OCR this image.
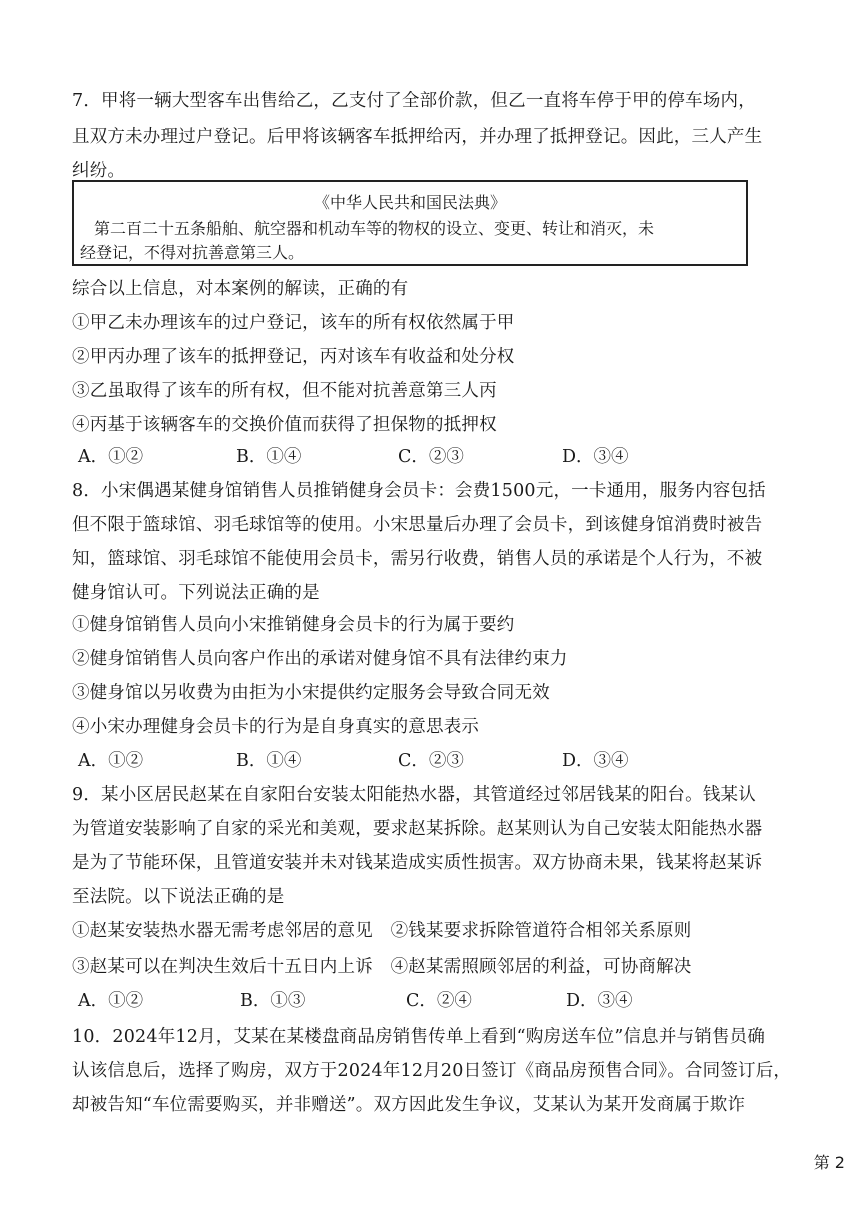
7．甲将一辆大型客车出售给乙，乙支付了全部价款，但乙一直将车停于甲的停车场内，
且双方未办理过户登记。后甲将该辆客车抵押给丙，并办理了抵押登记。因此，三人产生
纠纷。
《中华人民共和国民法典》
第二百二十五条船舶、航空器和机动车等的物权的设立、变更、转让和消灭，未
经登记，不得对抗善意第三人。
综合以上信息，对本案例的解读，正确的有
①甲乙未办理该车的过户登记，该车的所有权依然属于甲
②甲丙办理了该车的抵押登记，丙对该车有收益和处分权
③乙虽取得了该车的所有权，但不能对抗善意第三人丙
④丙基于该辆客车的交换价值而获得了担保物的抵押权
A．①②	B．①④	C．②③	D．③④
8．小宋偶遇某健身馆销售人员推销健身会员卡：会费1500元，一卡通用，服务内容包括
但不限于篮球馆、羽毛球馆等的使用。小宋思量后办理了会员卡，到该健身馆消费时被告
知，篮球馆、羽毛球馆不能使用会员卡，需另行收费，销售人员的承诺是个人行为，不被
健身馆认可。下列说法正确的是
①健身馆销售人员向小宋推销健身会员卡的行为属于要约
②健身馆销售人员向客户作出的承诺对健身馆不具有法律约束力
③健身馆以另收费为由拒为小宋提供约定服务会导致合同无效
④小宋办理健身会员卡的行为是自身真实的意思表示
A．①②	B．①④	C．②③	D．③④
9．某小区居民赵某在自家阳台安装太阳能热水器，其管道经过邻居钱某的阳台。钱某认
为管道安装影响了自家的采光和美观，要求赵某拆除。赵某则认为自己安装太阳能热水器
是为了节能环保，且管道安装并未对钱某造成实质性损害。双方协商未果，钱某将赵某诉
至法院。以下说法正确的是
①赵某安装热水器无需考虑邻居的意见　②钱某要求拆除管道符合相邻关系原则
③赵某可以在判决生效后十五日内上诉　④赵某需照顾邻居的利益，可协商解决
A．①②	B．①③	C．②④	D．③④
10．2024年12月，艾某在某楼盘商品房销售传单上看到“购房送车位”信息并与销售员确
认该信息后，选择了购房，双方于2024年12月20日签订《商品房预售合同》。合同签订后，
却被告知“车位需要购买，并非赠送”。双方因此发生争议，艾某认为某开发商属于欺诈
第 2
